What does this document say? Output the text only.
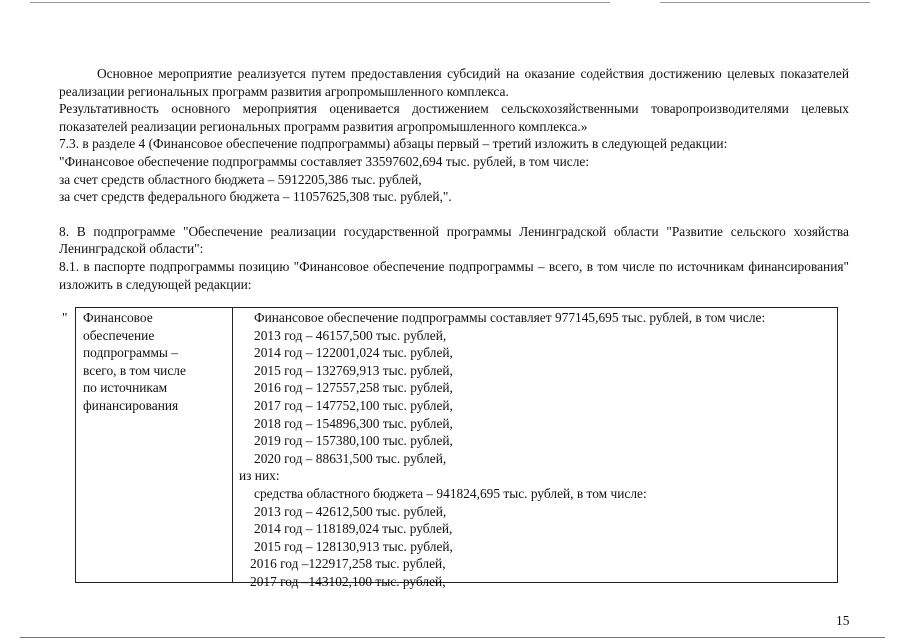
Основное мероприятие реализуется путем предоставления субсидий на оказание содействия достижению целевых показателей реализации региональных программ развития агропромышленного комплекса.

Результативность основного мероприятия оценивается достижением сельскохозяйственными товаропроизводителями целевых показателей реализации региональных программ развития агропромышленного комплекса.»

7.3. в разделе 4 (Финансовое обеспечение подпрограммы) абзацы первый – третий изложить в следующей редакции:

"Финансовое обеспечение подпрограммы составляет 33597602,694 тыс. рублей, в том числе:

за счет средств областного бюджета – 5912205,386 тыс. рублей,

за счет средств федерального бюджета – 11057625,308 тыс. рублей,".

8. В подпрограмме "Обеспечение реализации государственной программы Ленинградской области "Развитие сельского хозяйства Ленинградской области":

8.1. в паспорте подпрограммы позицию "Финансовое обеспечение подпрограммы – всего, в том числе по источникам финансирования" изложить в следующей редакции:

" Финансовое
обеспечение
подпрограммы –
всего, в том числе
по источникам
финансирования
Финансовое обеспечение подпрограммы составляет 977145,695 тыс. рублей, в том числе:
2013 год – 46157,500 тыс. рублей,
2014 год – 122001,024 тыс. рублей,
2015 год – 132769,913 тыс. рублей,
2016 год – 127557,258 тыс. рублей,
2017 год – 147752,100 тыс. рублей,
2018 год – 154896,300 тыс. рублей,
2019 год – 157380,100 тыс. рублей,
2020 год – 88631,500 тыс. рублей,
из них:
средства областного бюджета – 941824,695 тыс. рублей, в том числе:
2013 год – 42612,500 тыс. рублей,
2014 год – 118189,024 тыс. рублей,
2015 год – 128130,913 тыс. рублей,
2016 год –122917,258 тыс. рублей,
2017 год –143102,100 тыс. рублей,
15
